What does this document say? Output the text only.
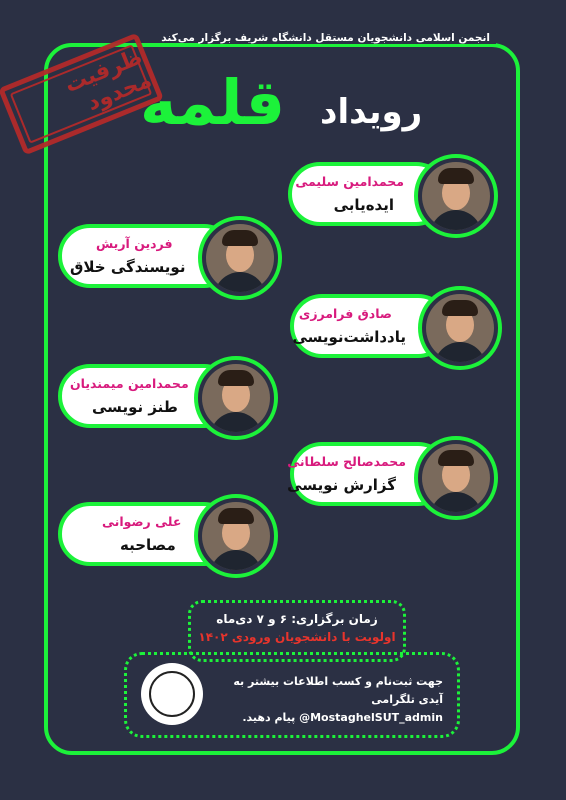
انجمن اسلامی دانشجویان مستقل دانشگاه شریف برگزار می‌کند
ظرفیت محدود	رویداد
قلمه
محمدامین سلیمی
ایده‌یابی
فردین آریش
نویسندگی خلاق
صادق فرامرزی
یادداشت‌نویسی
محمدامین میمندیان
طنز نویسی
محمدصالح سلطانی
گزارش نویسی
علی رضوانی
مصاحبه
زمان برگزاری: ۶ و ۷ دی‌ماه
اولویت با دانشجویان ورودی ۱۴۰۲
جهت ثبت‌نام و کسب اطلاعات بیشتر به آیدی تلگرامی
MostaghelSUT_admin@ پیام دهید.
